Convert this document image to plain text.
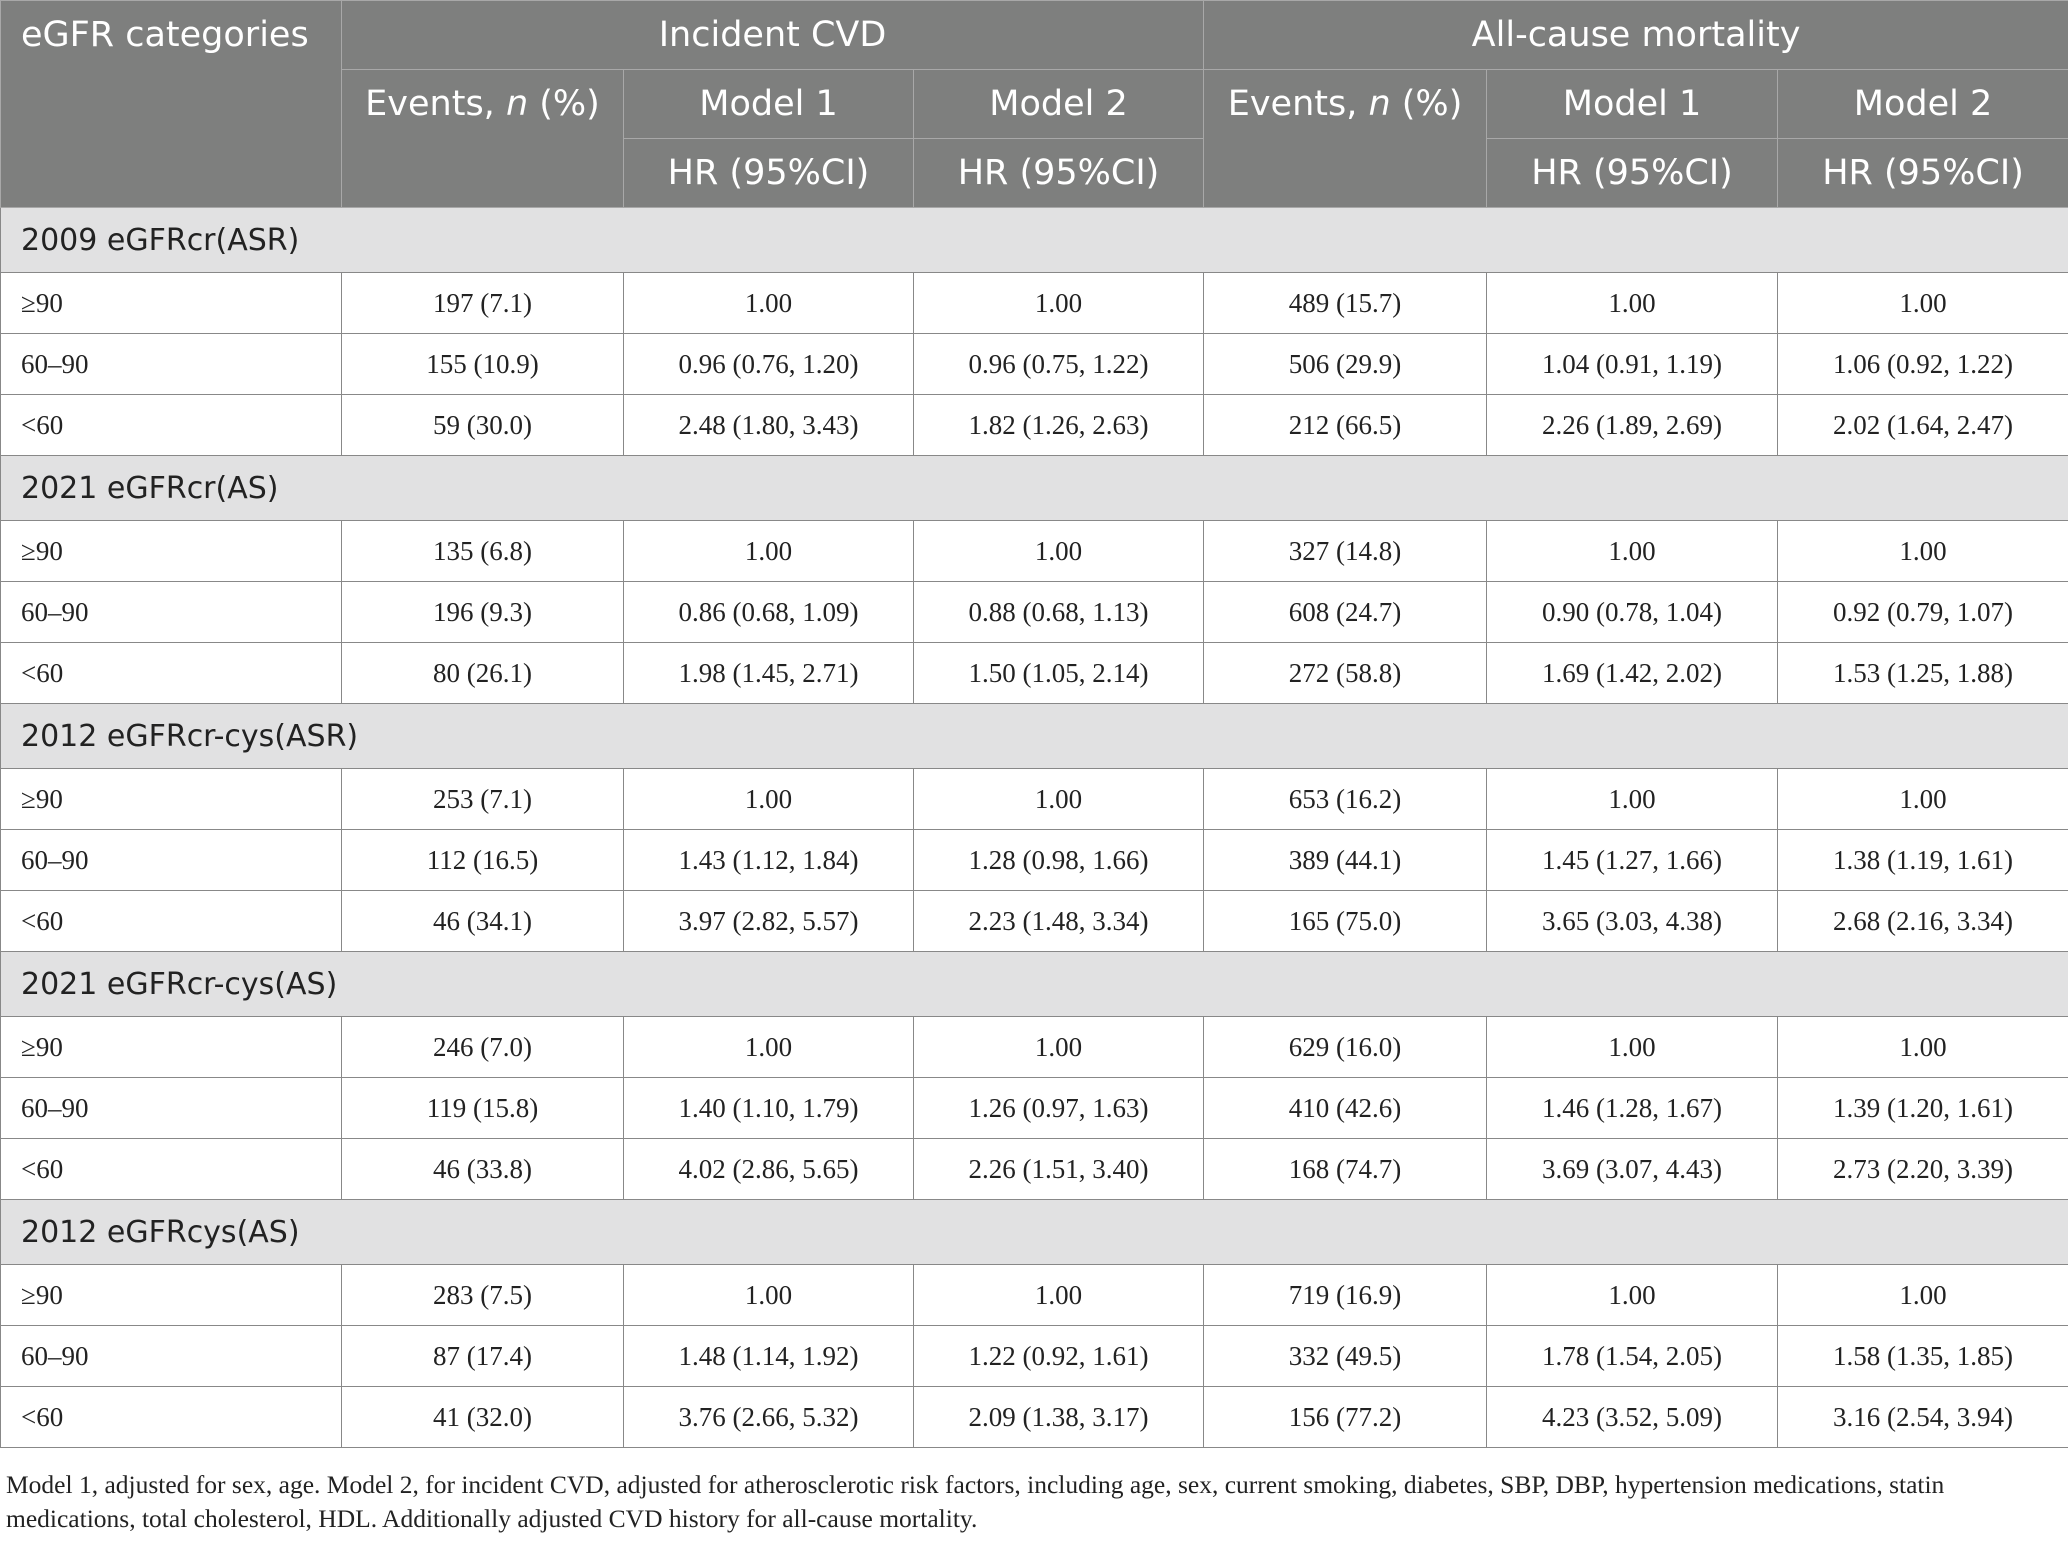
eGFR categories	Incident CVD			All-cause mortality		
	Events, n (%)	Model 1	Model 2	Events, n (%)	Model 1	Model 2
		HR (95%CI)	HR (95%CI)		HR (95%CI)	HR (95%CI)
2009 eGFRcr(ASR)						
≥90	197 (7.1)	1.00	1.00	489 (15.7)	1.00	1.00
60–90	155 (10.9)	0.96 (0.76, 1.20)	0.96 (0.75, 1.22)	506 (29.9)	1.04 (0.91, 1.19)	1.06 (0.92, 1.22)
<60	59 (30.0)	2.48 (1.80, 3.43)	1.82 (1.26, 2.63)	212 (66.5)	2.26 (1.89, 2.69)	2.02 (1.64, 2.47)
2021 eGFRcr(AS)						
≥90	135 (6.8)	1.00	1.00	327 (14.8)	1.00	1.00
60–90	196 (9.3)	0.86 (0.68, 1.09)	0.88 (0.68, 1.13)	608 (24.7)	0.90 (0.78, 1.04)	0.92 (0.79, 1.07)
<60	80 (26.1)	1.98 (1.45, 2.71)	1.50 (1.05, 2.14)	272 (58.8)	1.69 (1.42, 2.02)	1.53 (1.25, 1.88)
2012 eGFRcr-cys(ASR)						
≥90	253 (7.1)	1.00	1.00	653 (16.2)	1.00	1.00
60–90	112 (16.5)	1.43 (1.12, 1.84)	1.28 (0.98, 1.66)	389 (44.1)	1.45 (1.27, 1.66)	1.38 (1.19, 1.61)
<60	46 (34.1)	3.97 (2.82, 5.57)	2.23 (1.48, 3.34)	165 (75.0)	3.65 (3.03, 4.38)	2.68 (2.16, 3.34)
2021 eGFRcr-cys(AS)						
≥90	246 (7.0)	1.00	1.00	629 (16.0)	1.00	1.00
60–90	119 (15.8)	1.40 (1.10, 1.79)	1.26 (0.97, 1.63)	410 (42.6)	1.46 (1.28, 1.67)	1.39 (1.20, 1.61)
<60	46 (33.8)	4.02 (2.86, 5.65)	2.26 (1.51, 3.40)	168 (74.7)	3.69 (3.07, 4.43)	2.73 (2.20, 3.39)
2012 eGFRcys(AS)						
≥90	283 (7.5)	1.00	1.00	719 (16.9)	1.00	1.00
60–90	87 (17.4)	1.48 (1.14, 1.92)	1.22 (0.92, 1.61)	332 (49.5)	1.78 (1.54, 2.05)	1.58 (1.35, 1.85)
<60	41 (32.0)	3.76 (2.66, 5.32)	2.09 (1.38, 3.17)	156 (77.2)	4.23 (3.52, 5.09)	3.16 (2.54, 3.94)
Model 1, adjusted for sex, age. Model 2, for incident CVD, adjusted for atherosclerotic risk factors, including age, sex, current smoking, diabetes, SBP, DBP, hypertension medications, statin medications, total cholesterol, HDL. Additionally adjusted CVD history for all-cause mortality.
